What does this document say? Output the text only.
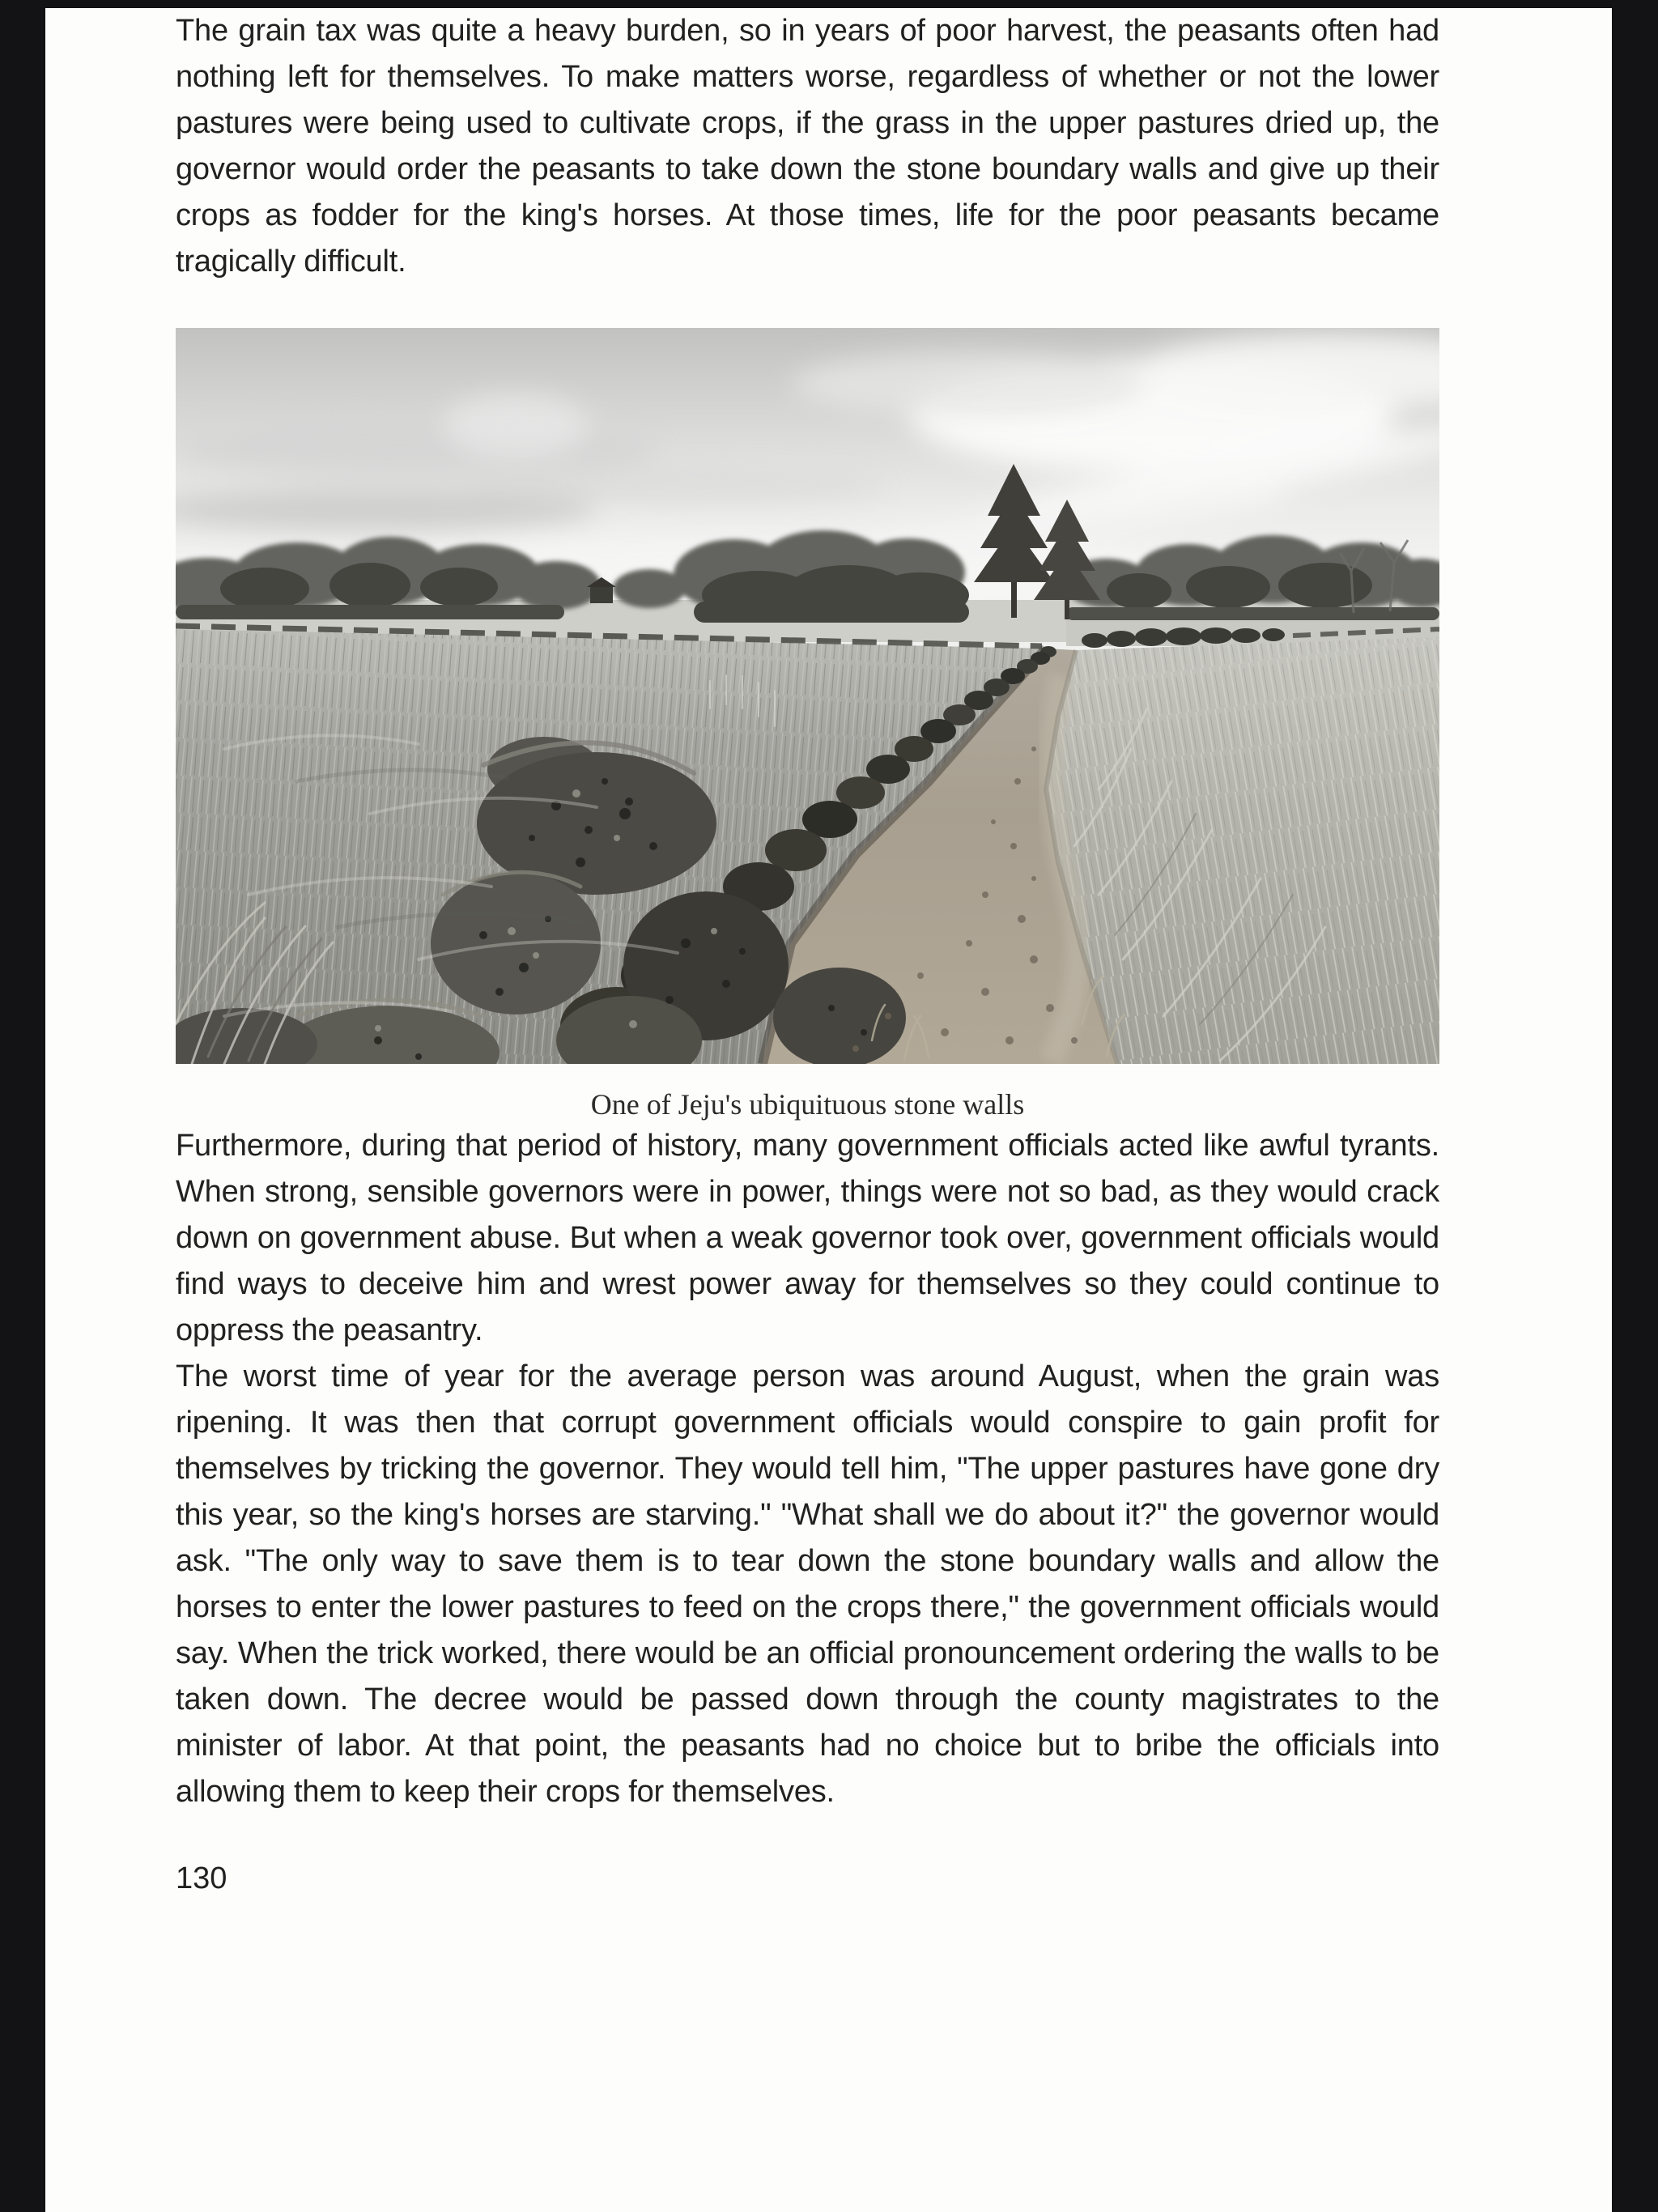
The grain tax was quite a heavy burden, so in years of poor harvest, the peasants often had nothing left for themselves. To make matters worse, regardless of whether or not the lower pastures were being used to cultivate crops, if the grass in the upper pastures dried up, the governor would order the peasants to take down the stone boundary walls and give up their crops as fodder for the king's horses. At those times, life for the poor peasants became tragically difficult.

One of Jeju's ubiquituous stone walls

Furthermore, during that period of history, many government officials acted like awful tyrants. When strong, sensible governors were in power, things were not so bad, as they would crack down on government abuse. But when a weak governor took over, government officials would find ways to deceive him and wrest power away for themselves so they could continue to oppress the peasantry.

The worst time of year for the average person was around August, when the grain was ripening. It was then that corrupt government officials would conspire to gain profit for themselves by tricking the governor. They would tell him, "The upper pastures have gone dry this year, so the king's horses are starving." "What shall we do about it?" the governor would ask. "The only way to save them is to tear down the stone boundary walls and allow the horses to enter the lower pastures to feed on the crops there," the government officials would say. When the trick worked, there would be an official pronouncement ordering the walls to be taken down. The decree would be passed down through the county magistrates to the minister of labor. At that point, the peasants had no choice but to bribe the officials into allowing them to keep their crops for themselves.

130
